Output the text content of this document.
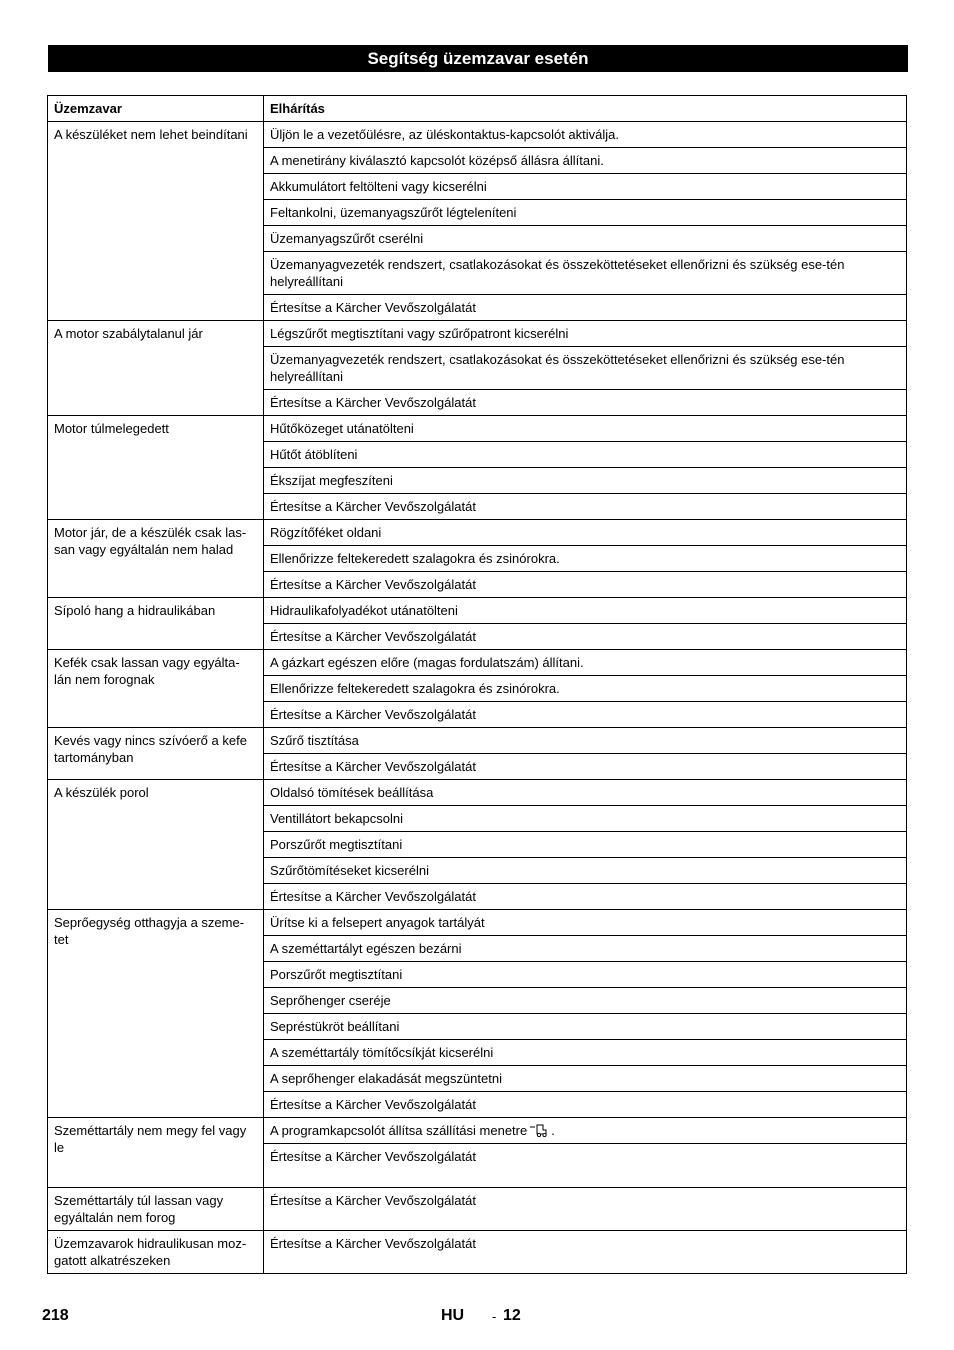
Segítség üzemzavar esetén
Üzemzavar	Elhárítás
A készüléket nem lehet beindítani	Üljön le a vezetőülésre, az üléskontaktus-kapcsolót aktiválja.
	A menetirány kiválasztó kapcsolót középső állásra állítani.
	Akkumulátort feltölteni vagy kicserélni
	Feltankolni, üzemanyagszűrőt légteleníteni
	Üzemanyagszűrőt cserélni
	Üzemanyagvezeték rendszert, csatlakozásokat és összeköttetéseket ellenőrizni és szükség ese-tén helyreállítani
	Értesítse a Kärcher Vevőszolgálatát
A motor szabálytalanul jár	Légszűrőt megtisztítani vagy szűrőpatront kicserélni
	Üzemanyagvezeték rendszert, csatlakozásokat és összeköttetéseket ellenőrizni és szükség ese-tén helyreállítani
	Értesítse a Kärcher Vevőszolgálatát
Motor túlmelegedett	Hűtőközeget utánatölteni
	Hűtőt átöblíteni
	Ékszíjat megfeszíteni
	Értesítse a Kärcher Vevőszolgálatát
Motor jár, de a készülék csak las-san vagy egyáltalán nem halad	Rögzítőféket oldani
	Ellenőrizze feltekeredett szalagokra és zsinórokra.
	Értesítse a Kärcher Vevőszolgálatát
Sípoló hang a hidraulikában	Hidraulikafolyadékot utánatölteni
	Értesítse a Kärcher Vevőszolgálatát
Kefék csak lassan vagy egyálta-lán nem forognak	A gázkart egészen előre (magas fordulatszám) állítani.
	Ellenőrizze feltekeredett szalagokra és zsinórokra.
	Értesítse a Kärcher Vevőszolgálatát
Kevés vagy nincs szívóerő a kefe tartományban	Szűrő tisztítása
	Értesítse a Kärcher Vevőszolgálatát
A készülék porol	Oldalsó tömítések beállítása
	Ventillátort bekapcsolni
	Porszűrőt megtisztítani
	Szűrőtömítéseket kicserélni
	Értesítse a Kärcher Vevőszolgálatát
Seprőegység otthagyja a szeme-tet	Ürítse ki a felsepert anyagok tartályát
	A szeméttartályt egészen bezárni
	Porszűrőt megtisztítani
	Seprőhenger cseréje
	Sepréstükröt beállítani
	A szeméttartály tömítőcsíkját kicserélni
	A seprőhenger elakadását megszüntetni
	Értesítse a Kärcher Vevőszolgálatát
Szeméttartály nem megy fel vagy le	A programkapcsolót állítsa szállítási menetre .
	Értesítse a Kärcher Vevőszolgálatát
Szeméttartály túl lassan vagy egyáltalán nem forog	Értesítse a Kärcher Vevőszolgálatát
Üzemzavarok hidraulikusan moz-gatott alkatrészeken	Értesítse a Kärcher Vevőszolgálatát
218	HU - 12
